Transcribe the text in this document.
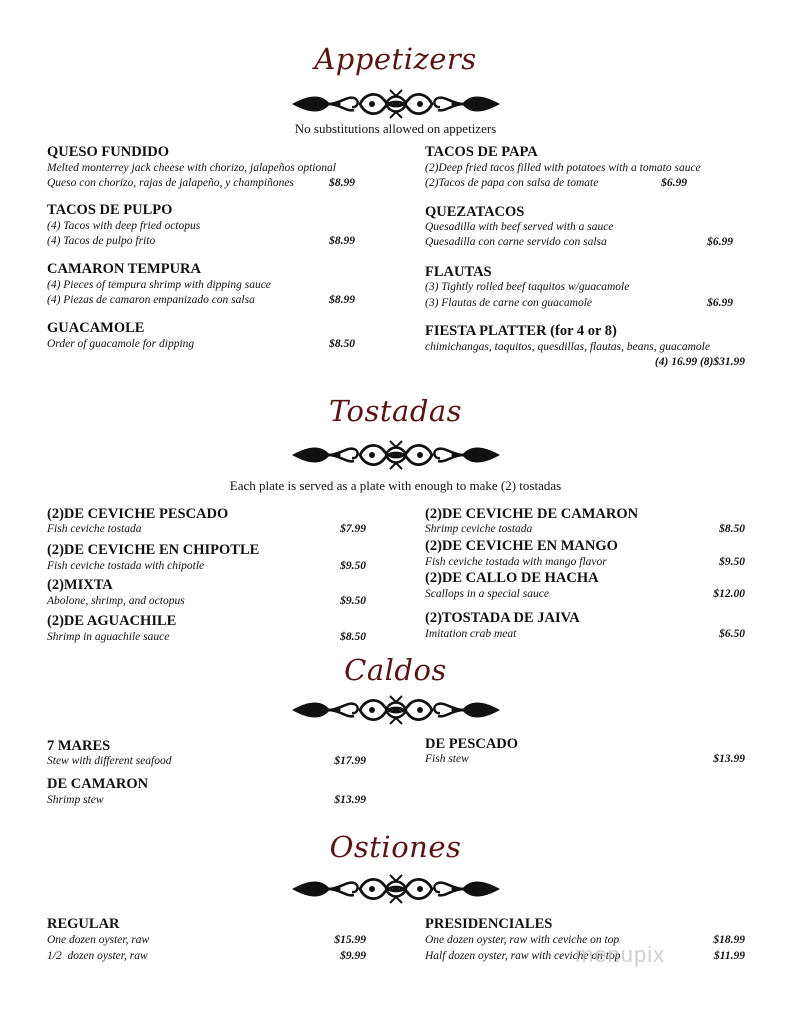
Appetizers
No substitutions allowed on appetizers
QUESO FUNDIDO
Melted monterrey jack cheese with chorizo, jalapeños optional
Queso con chorizo, rajas de jalapeño, y champiñones	$8.99
TACOS DE PULPO
(4) Tacos with deep fried octopus
(4) Tacos de pulpo frito	$8.99
CAMARON TEMPURA
(4) Pieces of tempura shrimp with dipping sauce
(4) Piezas de camaron empanizado con salsa	$8.99
GUACAMOLE
Order of guacamole for dipping	$8.50
TACOS DE PAPA
(2)Deep fried tacos filled with potatoes with a tomato sauce
(2)Tacos de papa con salsa de tomate	$6.99
QUEZATACOS
Quesadilla with beef served with a sauce
Quesadilla con carne servido con salsa	$6.99
FLAUTAS
(3) Tightly rolled beef taquitos w/guacamole
(3) Flautas de carne con guacamole	$6.99
FIESTA PLATTER (for 4 or 8)
chimichangas, taquitos, quesdillas, flautas, beans, guacamole
(4) 16.99 (8)$31.99
Tostadas
Each plate is served as a plate with enough to make (2) tostadas
(2)DE CEVICHE PESCADO
Fish ceviche tostada	$7.99
(2)DE CEVICHE EN CHIPOTLE
Fish ceviche tostada with chipotle	$9.50
(2)MIXTA
Abolone, shrimp, and octopus	$9.50
(2)DE AGUACHILE
Shrimp in aguachile sauce	$8.50
(2)DE CEVICHE DE CAMARON
Shrimp ceviche tostada	$8.50
(2)DE CEVICHE EN MANGO
Fish ceviche tostada with mango flavor	$9.50
(2)DE CALLO DE HACHA
Scallops in a special sauce	$12.00
(2)TOSTADA DE JAIVA
Imitation crab meat	$6.50
Caldos
7 MARES
Stew with different seafood	$17.99
DE CAMARON
Shrimp stew	$13.99
DE PESCADO
Fish stew	$13.99
Ostiones
REGULAR
One dozen oyster, raw	$15.99
1/2  dozen oyster, raw	$9.99
PRESIDENCIALES
One dozen oyster, raw with ceviche on top	$18.99
Half dozen oyster, raw with ceviche on top	$11.99
menupix
